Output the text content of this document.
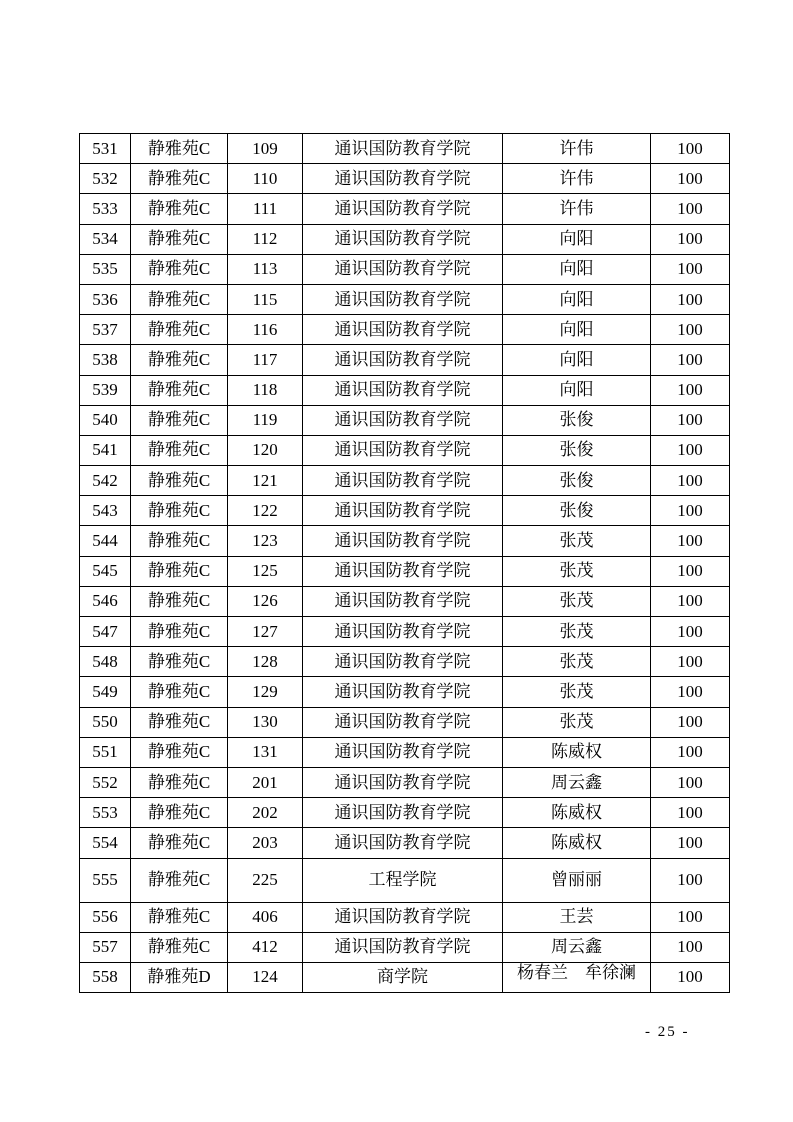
531	静雅苑C	109	通识国防教育学院	许伟	100
532	静雅苑C	110	通识国防教育学院	许伟	100
533	静雅苑C	111	通识国防教育学院	许伟	100
534	静雅苑C	112	通识国防教育学院	向阳	100
535	静雅苑C	113	通识国防教育学院	向阳	100
536	静雅苑C	115	通识国防教育学院	向阳	100
537	静雅苑C	116	通识国防教育学院	向阳	100
538	静雅苑C	117	通识国防教育学院	向阳	100
539	静雅苑C	118	通识国防教育学院	向阳	100
540	静雅苑C	119	通识国防教育学院	张俊	100
541	静雅苑C	120	通识国防教育学院	张俊	100
542	静雅苑C	121	通识国防教育学院	张俊	100
543	静雅苑C	122	通识国防教育学院	张俊	100
544	静雅苑C	123	通识国防教育学院	张茂	100
545	静雅苑C	125	通识国防教育学院	张茂	100
546	静雅苑C	126	通识国防教育学院	张茂	100
547	静雅苑C	127	通识国防教育学院	张茂	100
548	静雅苑C	128	通识国防教育学院	张茂	100
549	静雅苑C	129	通识国防教育学院	张茂	100
550	静雅苑C	130	通识国防教育学院	张茂	100
551	静雅苑C	131	通识国防教育学院	陈威权	100
552	静雅苑C	201	通识国防教育学院	周云鑫	100
553	静雅苑C	202	通识国防教育学院	陈威权	100
554	静雅苑C	203	通识国防教育学院	陈威权	100
555	静雅苑C	225	工程学院	曾丽丽	100
556	静雅苑C	406	通识国防教育学院	王芸	100
557	静雅苑C	412	通识国防教育学院	周云鑫	100
558	静雅苑D	124	商学院	杨春兰　牟徐澜	100
- 25 -
